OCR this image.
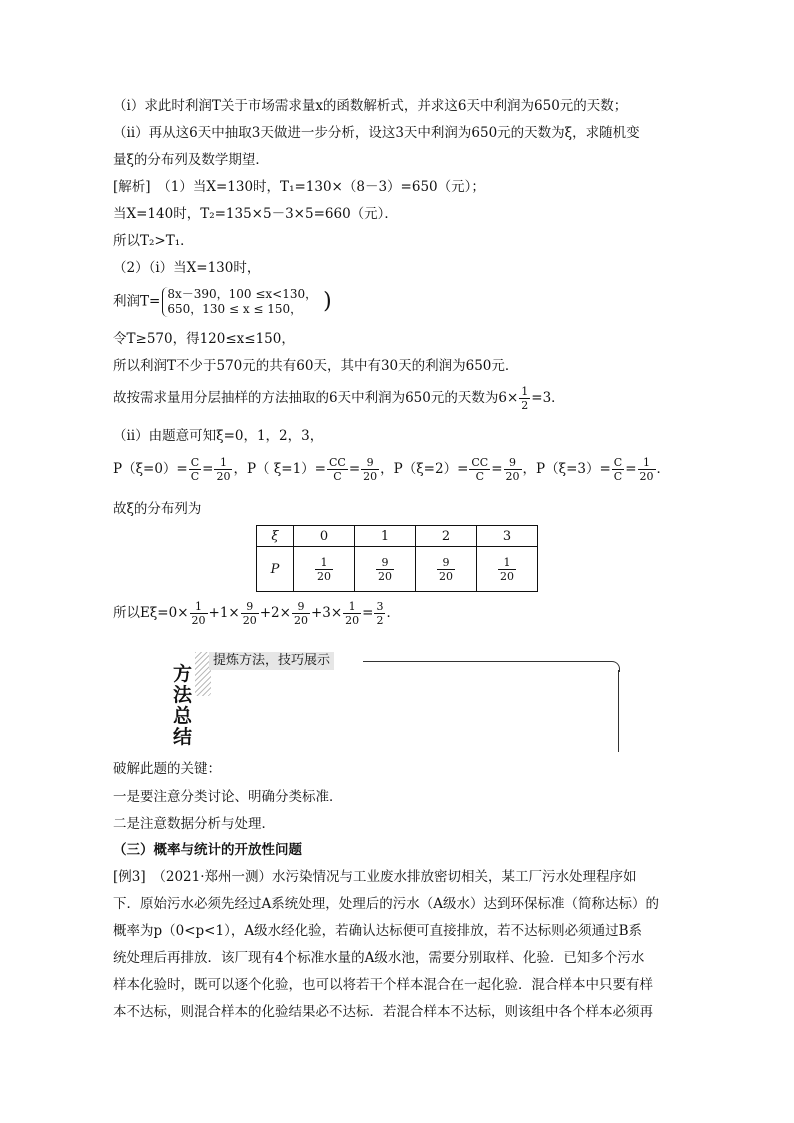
（ⅰ）求此时利润T关于市场需求量x的函数解析式，并求这6天中利润为650元的天数；
（ⅱ）再从这6天中抽取3天做进一步分析，设这3天中利润为650元的天数为ξ，求随机变
量ξ的分布列及数学期望．
[解析]　（1）当X=130时，T₁=130×（8－3）=650（元）；
当X=140时，T₂=135×5－3×5=660（元）．
所以T₂>T₁．
（2）（ⅰ）当X=130时，
利润T= 8x－390，100 ≤x<130，
650，130 ≤ x ≤ 150， )
令T≥570，得120≤x≤150，
所以利润T不少于570元的共有60天，其中有30天的利润为650元．
故按需求量用分层抽样的方法抽取的6天中利润为650元的天数为$6\times \frac{1}{2} =3$．
（ⅱ）由题意可知ξ=0，1，2，3，
$P(\xi=0)= \frac{C}{C} = \frac{1}{20}$ ，P（ $\xi=1)= \frac{CC}{C} = \frac{9}{20}$ ，$P(\xi=2)= \frac{CC}{C} = \frac{9}{20}$ ，$P(\xi=3)= \frac{C}{C} = \frac{1}{20}$ ．
故ξ的分布列为
ξ	0	1	2	3
P	$\frac{1}{20}$	$\frac{9}{20}$	$\frac{9}{20}$	$\frac{1}{20}$
所以$E\xi=0\times \frac{1}{20} +1\times \frac{9}{20} +2\times \frac{9}{20} +3\times \frac{1}{20} = \frac{3}{2}$ ．
方法总结
提炼方法，技巧展示
破解此题的关键：
一是要注意分类讨论、明确分类标准．
二是注意数据分析与处理．
（三）概率与统计的开放性问题
[例3]　（2021·郑州一测）水污染情况与工业废水排放密切相关，某工厂污水处理程序如
下．原始污水必须先经过A系统处理，处理后的污水（A级水）达到环保标准（简称达标）的
概率为p（0<p<1），A级水经化验，若确认达标便可直接排放，若不达标则必须通过B系
统处理后再排放．该厂现有4个标准水量的A级水池，需要分别取样、化验．已知多个污水
样本化验时，既可以逐个化验，也可以将若干个样本混合在一起化验．混合样本中只要有样
本不达标，则混合样本的化验结果必不达标．若混合样本不达标，则该组中各个样本必须再
